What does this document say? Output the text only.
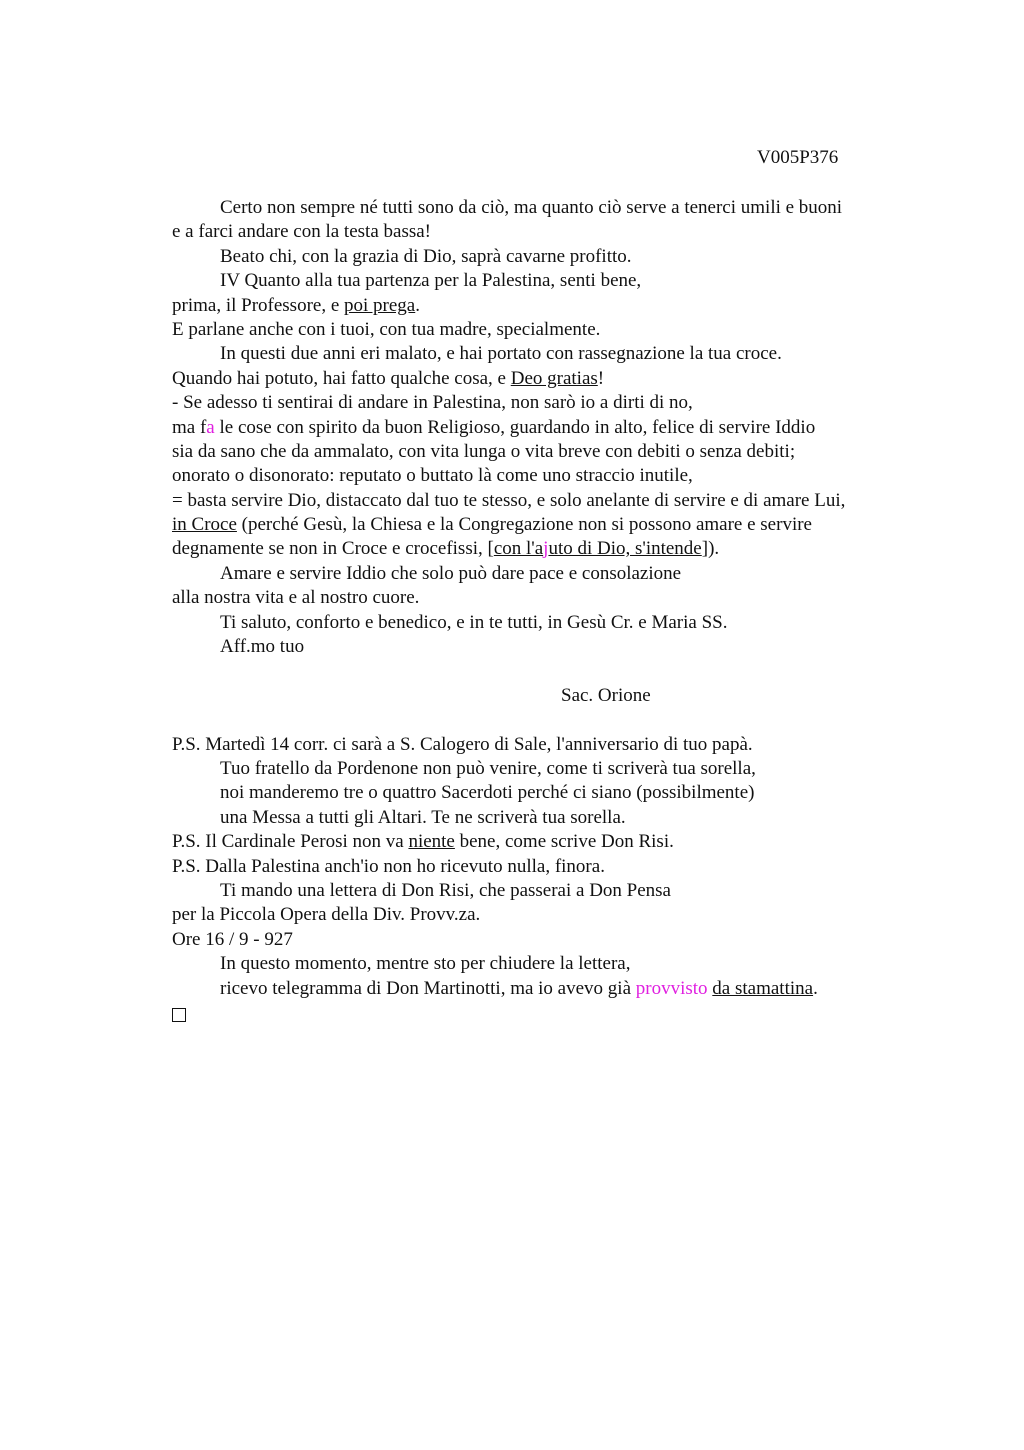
V005P376
Certo non sempre né tutti sono da ciò, ma quanto ciò serve a tenerci umili e buoni
e a farci andare con la testa bassa!
Beato chi, con la grazia di Dio, saprà cavarne profitto.
IV Quanto alla tua partenza per la Palestina, senti bene,
prima, il Professore, e poi prega.
E parlane anche con i tuoi, con tua madre, specialmente.
In questi due anni eri malato, e hai portato con rassegnazione la tua croce.
Quando hai potuto, hai fatto qualche cosa, e Deo gratias!
- Se adesso ti sentirai di andare in Palestina, non sarò io a dirti di no,
ma fa le cose con spirito da buon Religioso, guardando in alto, felice di servire Iddio
sia da sano che da ammalato, con vita lunga o vita breve con debiti o senza debiti;
onorato o disonorato: reputato o buttato là come uno straccio inutile,
= basta servire Dio, distaccato dal tuo te stesso, e solo anelante di servire e di amare Lui,
in Croce (perché Gesù, la Chiesa e la Congregazione non si possono amare e servire
degnamente se non in Croce e crocefissi, [con l'ajuto di Dio, s'intende]).
Amare e servire Iddio che solo può dare pace e consolazione
alla nostra vita e al nostro cuore.
Ti saluto, conforto e benedico, e in te tutti, in Gesù Cr. e Maria SS.
Aff.mo tuo
Sac. Orione
P.S. Martedì 14 corr. ci sarà a S. Calogero di Sale, l'anniversario di tuo papà.
Tuo fratello da Pordenone non può venire, come ti scriverà tua sorella,
noi manderemo tre o quattro Sacerdoti perché ci siano (possibilmente)
una Messa a tutti gli Altari. Te ne scriverà tua sorella.
P.S. Il Cardinale Perosi non va niente bene, come scrive Don Risi.
P.S. Dalla Palestina anch'io non ho ricevuto nulla, finora.
Ti mando una lettera di Don Risi, che passerai a Don Pensa
per la Piccola Opera della Div. Provv.za.
Ore 16 / 9 - 927
In questo momento, mentre sto per chiudere la lettera,
ricevo telegramma di Don Martinotti, ma io avevo già provvisto da stamattina.
